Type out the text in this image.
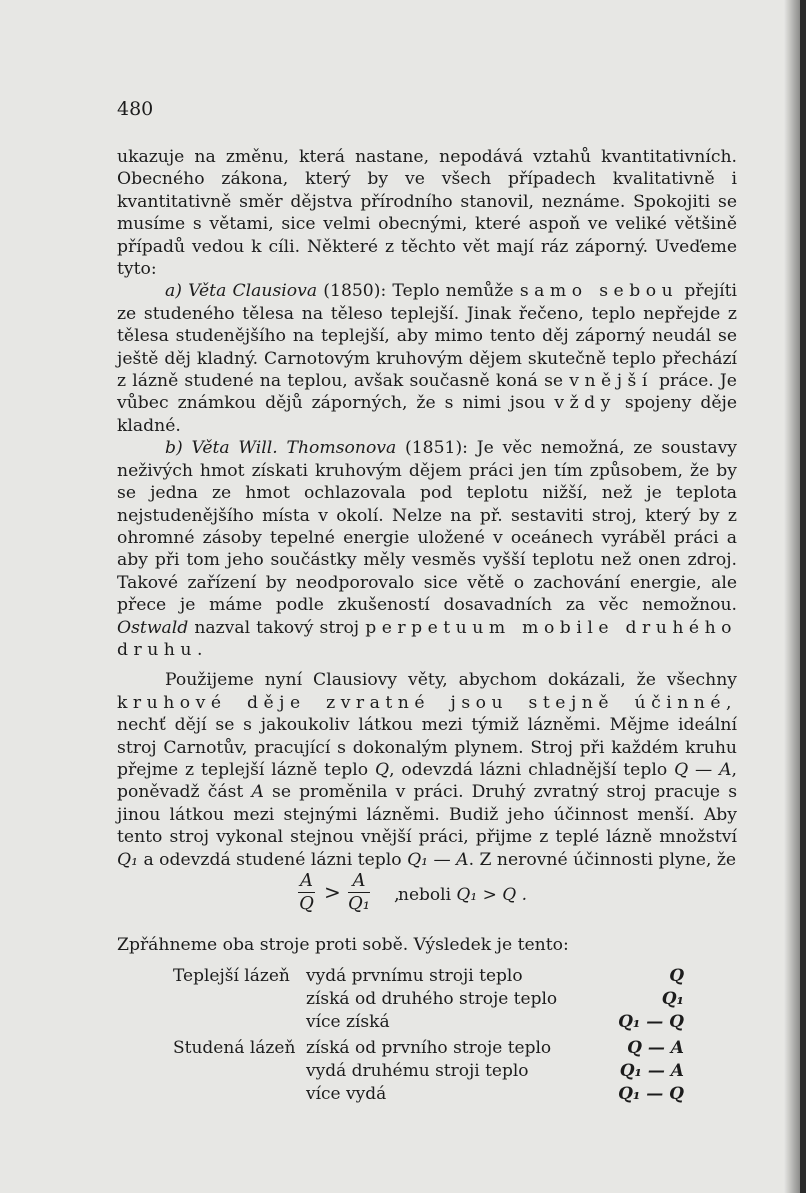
480

ukazuje na změnu, která nastane, nepodává vztahů kvantitativních. Obecného zákona, který by ve všech případech kvalitativně i kvantitativně směr dějstva přírodního stanovil, neznáme. Spokojiti se musíme s větami, sice velmi obecnými, které aspoň ve veliké většině případů vedou k cíli. Některé z těchto vět mají ráz záporný. Uveďeme tyto:

a) Věta Clausiova (1850): Teplo nemůže samo sebou přejíti ze studeného tělesa na těleso teplejší. Jinak řečeno, teplo nepřejde z tělesa studenějšího na teplejší, aby mimo tento děj záporný neudál se ještě děj kladný. Carnotovým kruhovým dějem skutečně teplo přechází z lázně studené na teplou, avšak současně koná se vnější práce. Je vůbec známkou dějů záporných, že s nimi jsou vždy spojeny děje kladné.

b) Věta Will. Thomsonova (1851): Je věc nemožná, ze soustavy neživých hmot získati kruhovým dějem práci jen tím způsobem, že by se jedna ze hmot ochlazovala pod teplotu nižší, než je teplota nejstudenějšího místa v okolí. Nelze na př. sestaviti stroj, který by z ohromné zásoby tepelné energie uložené v oceánech vyráběl práci a aby při tom jeho součástky měly vesměs vyšší teplotu než onen zdroj. Takové zařízení by neodporovalo sice větě o zachování energie, ale přece je máme podle zkušeností dosavadních za věc nemožnou. Ostwald nazval takový stroj perpetuum mobile druhého druhu.

Použijeme nyní Clausiovy věty, abychom dokázali, že všechny kruhové děje zvratné jsou stejně účinné, nechť dějí se s jakoukoliv látkou mezi týmiž lázněmi. Mějme ideální stroj Carnotův, pracující s dokonalým plynem. Stroj při každém kruhu přejme z teplejší lázně teplo Q, odevzdá lázni chladnější teplo Q — A, poněvadž část A se proměnila v práci. Druhý zvratný stroj pracuje s jinou látkou mezi stejnými lázněmi. Budiž jeho účinnost menší. Aby tento stroj vykonal stejnou vnější práci, přijme z teplé lázně množství Q₁ a odevzdá studené lázni teplo Q₁ — A. Z nerovné účinnosti plyne, že

$\frac{A}{Q} > \frac{A}{\text{Q₁}}$ ,
neboli Q₁ > Q .
Zpřáhneme oba stroje proti sobě. Výsledek je tento:
Teplejší lázeň vydá prvnímu stroji teplo	Q
získá od druhého stroje teplo	Q₁
více získá	Q₁ — Q
Studená lázeň získá od prvního stroje teplo	Q — A
vydá druhému stroji teplo	Q₁ — A
více vydá	Q₁ — Q
